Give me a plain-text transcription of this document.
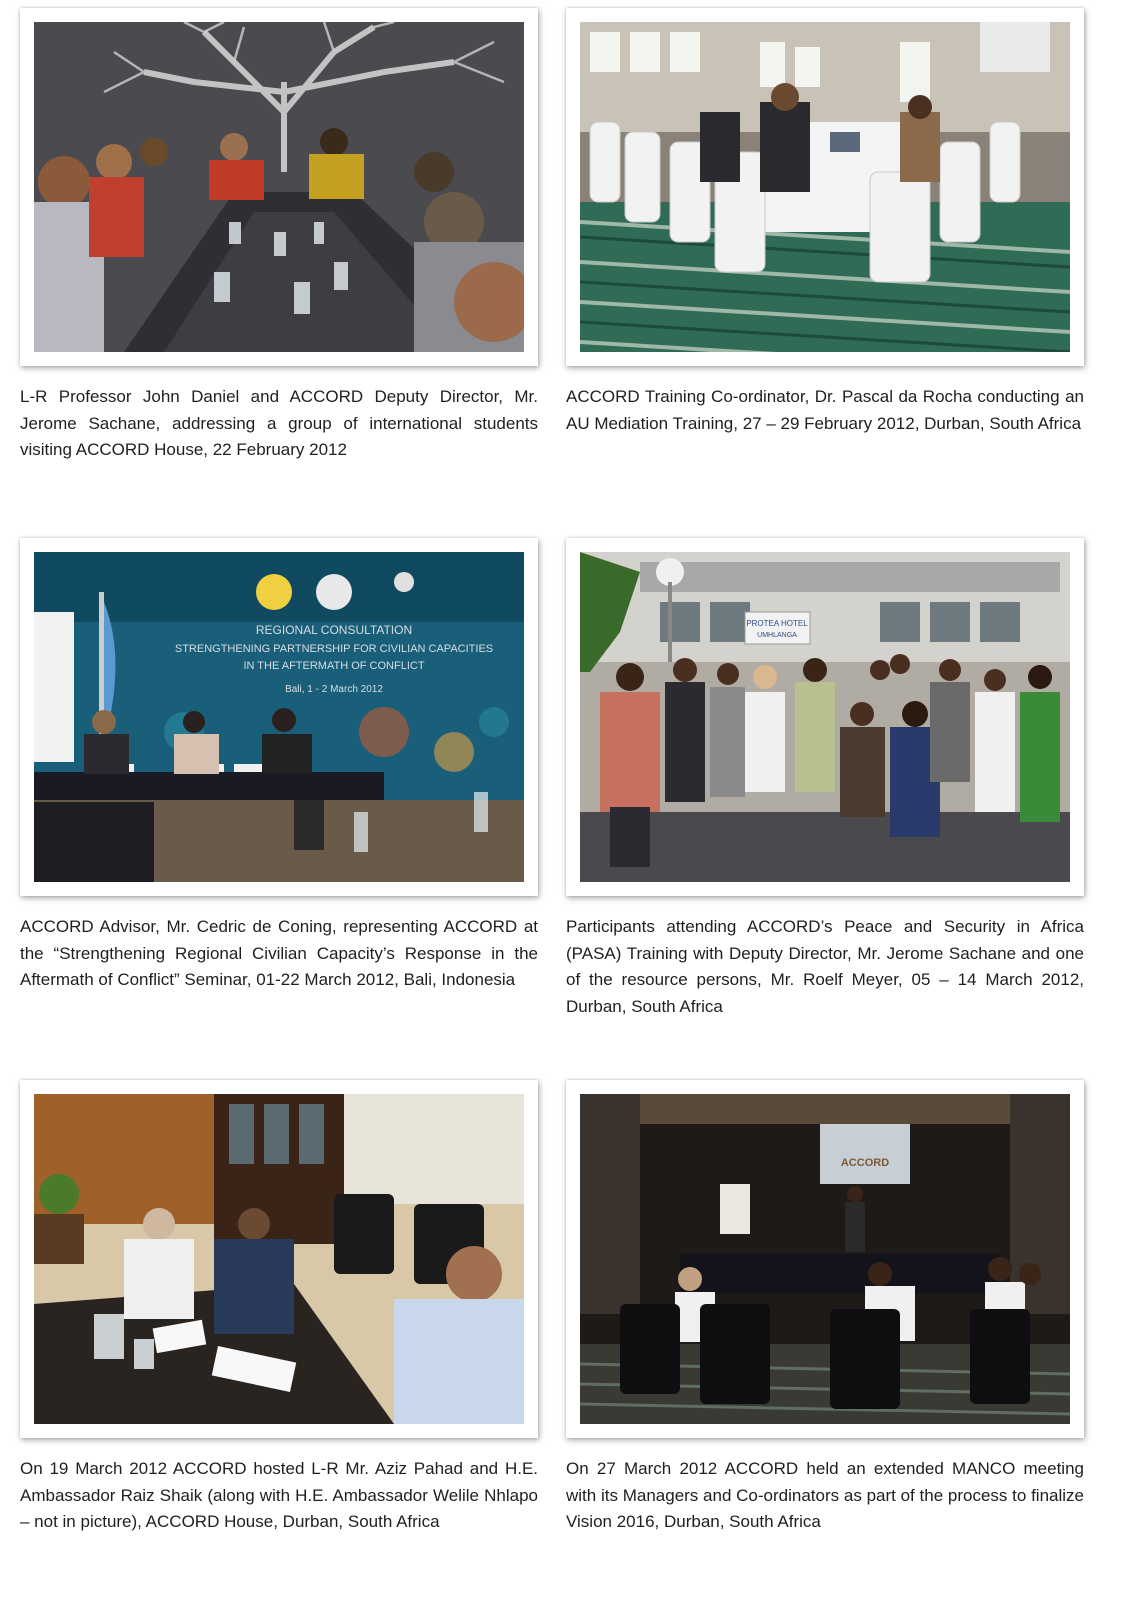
L-R Professor John Daniel and ACCORD Deputy Director, Mr. Jerome Sachane, addressing a group of international students visiting ACCORD House, 22 February 2012
ACCORD Training Co-ordinator, Dr. Pascal da Rocha conducting an AU Mediation Training, 27 – 29 February 2012, Durban, South Africa
REGIONAL CONSULTATION
STRENGTHENING PARTNERSHIP FOR CIVILIAN CAPACITIES
IN THE AFTERMATH OF CONFLICT
Bali, 1 - 2 March 2012
ACCORD Advisor, Mr. Cedric de Coning, representing ACCORD at the “Strengthening Regional Civilian Capacity’s Response in the Aftermath of Conflict” Seminar, 01-22 March 2012, Bali, Indonesia
PROTEA HOTEL
UMHLANGA
Participants attending ACCORD’s Peace and Security in Africa (PASA) Training with Deputy Director, Mr. Jerome Sachane and one of the resource persons, Mr. Roelf Meyer, 05 – 14 March 2012, Durban, South Africa
On 19 March 2012 ACCORD hosted L-R Mr. Aziz Pahad and H.E. Ambassador Raiz Shaik (along with H.E. Ambassador Welile Nhlapo – not in picture), ACCORD House, Durban, South Africa
ACCORD
On 27 March 2012 ACCORD held an extended MANCO meeting with its Managers and Co-ordinators as part of the process to finalize Vision 2016, Durban, South Africa
